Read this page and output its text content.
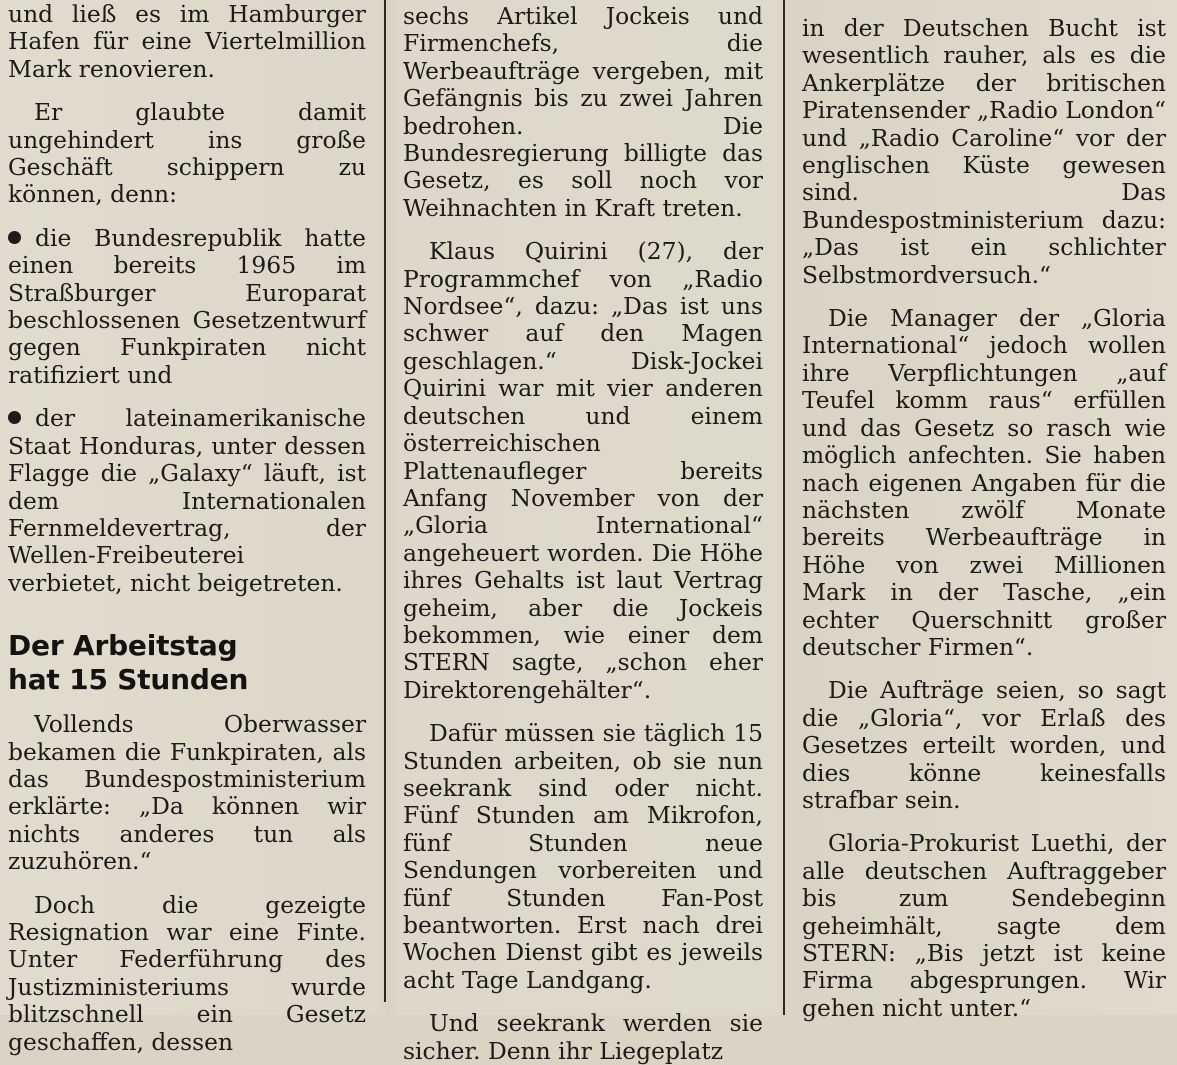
und ließ es im Hamburger Hafen für eine Viertelmillion Mark renovieren.

Er glaubte damit ungehindert ins große Geschäft schippern zu können, denn:

die Bundesrepublik hatte einen bereits 1965 im Straßburger Europarat beschlossenen Gesetzentwurf gegen Funkpiraten nicht ratifiziert und

der lateinamerikanische Staat Honduras, unter dessen Flagge die „Galaxy“ läuft, ist dem Internationalen Fernmeldevertrag, der Wellen-Freibeuterei verbietet, nicht beigetreten.

Der Arbeitstag
hat 15 Stunden

Vollends Oberwasser bekamen die Funkpiraten, als das Bundespostministerium erklärte: „Da können wir nichts anderes tun als zuzuhören.“

Doch die gezeigte Resignation war eine Finte. Unter Federführung des Justizministeriums wurde blitzschnell ein Gesetz geschaffen, dessen

sechs Artikel Jockeis und Firmenchefs, die Werbeaufträge vergeben, mit Gefängnis bis zu zwei Jahren bedrohen. Die Bundesregierung billigte das Gesetz, es soll noch vor Weihnachten in Kraft treten.

Klaus Quirini (27), der Programmchef von „Radio Nordsee“, dazu: „Das ist uns schwer auf den Magen geschlagen.“ Disk-Jockei Quirini war mit vier anderen deutschen und einem österreichischen Plattenaufleger bereits Anfang November von der „Gloria International“ angeheuert worden. Die Höhe ihres Gehalts ist laut Vertrag geheim, aber die Jockeis bekommen, wie einer dem STERN sagte, „schon eher Direktorengehälter“.

Dafür müssen sie täglich 15 Stunden arbeiten, ob sie nun seekrank sind oder nicht. Fünf Stunden am Mikrofon, fünf Stunden neue Sendungen vorbereiten und fünf Stunden Fan-Post beantworten. Erst nach drei Wochen Dienst gibt es jeweils acht Tage Landgang.

Und seekrank werden sie sicher. Denn ihr Liegeplatz

in der Deutschen Bucht ist wesentlich rauher, als es die Ankerplätze der britischen Piratensender „Radio London“ und „Radio Caroline“ vor der englischen Küste gewesen sind. Das Bundespostministerium dazu: „Das ist ein schlichter Selbstmordversuch.“

Die Manager der „Gloria International“ jedoch wollen ihre Verpflichtungen „auf Teufel komm raus“ erfüllen und das Gesetz so rasch wie möglich anfechten. Sie haben nach eigenen Angaben für die nächsten zwölf Monate bereits Werbeaufträge in Höhe von zwei Millionen Mark in der Tasche, „ein echter Querschnitt großer deutscher Firmen“.

Die Aufträge seien, so sagt die „Gloria“, vor Erlaß des Gesetzes erteilt worden, und dies könne keinesfalls strafbar sein.

Gloria-Prokurist Luethi, der alle deutschen Auftraggeber bis zum Sendebeginn geheimhält, sagte dem STERN: „Bis jetzt ist keine Firma abgesprungen. Wir gehen nicht unter.“
